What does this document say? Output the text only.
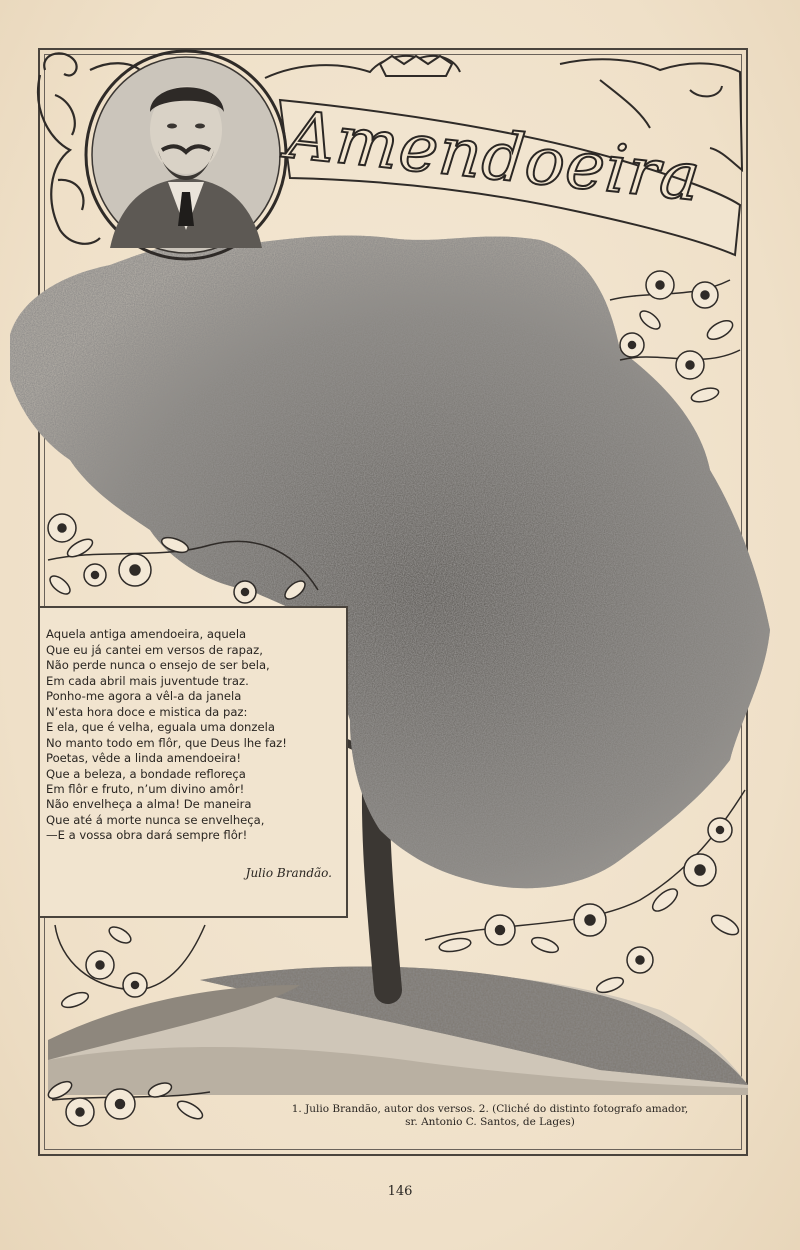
Amendoeira
Aquela antiga amendoeira, aquela
Que eu já cantei em versos de rapaz,
Não perde nunca o ensejo de ser bela,
Em cada abril mais juventude traz.
Ponho-me agora a vêl-a da janela
N’esta hora doce e mistica da paz:
E ela, que é velha, eguala uma donzela
No manto todo em flôr, que Deus lhe faz!
Poetas, vêde a linda amendoeira!
Que a beleza, a bondade refloreça
Em flôr e fruto, n’um divino amôr!
Não envelheça a alma! De maneira
Que até á morte nunca se envelheça,
—E a vossa obra dará sempre flôr!
Julio Brandão.
1. Julio Brandão, autor dos versos. 2. (Cliché do distinto fotografo amador,
sr. Antonio C. Santos, de Lages)
146
